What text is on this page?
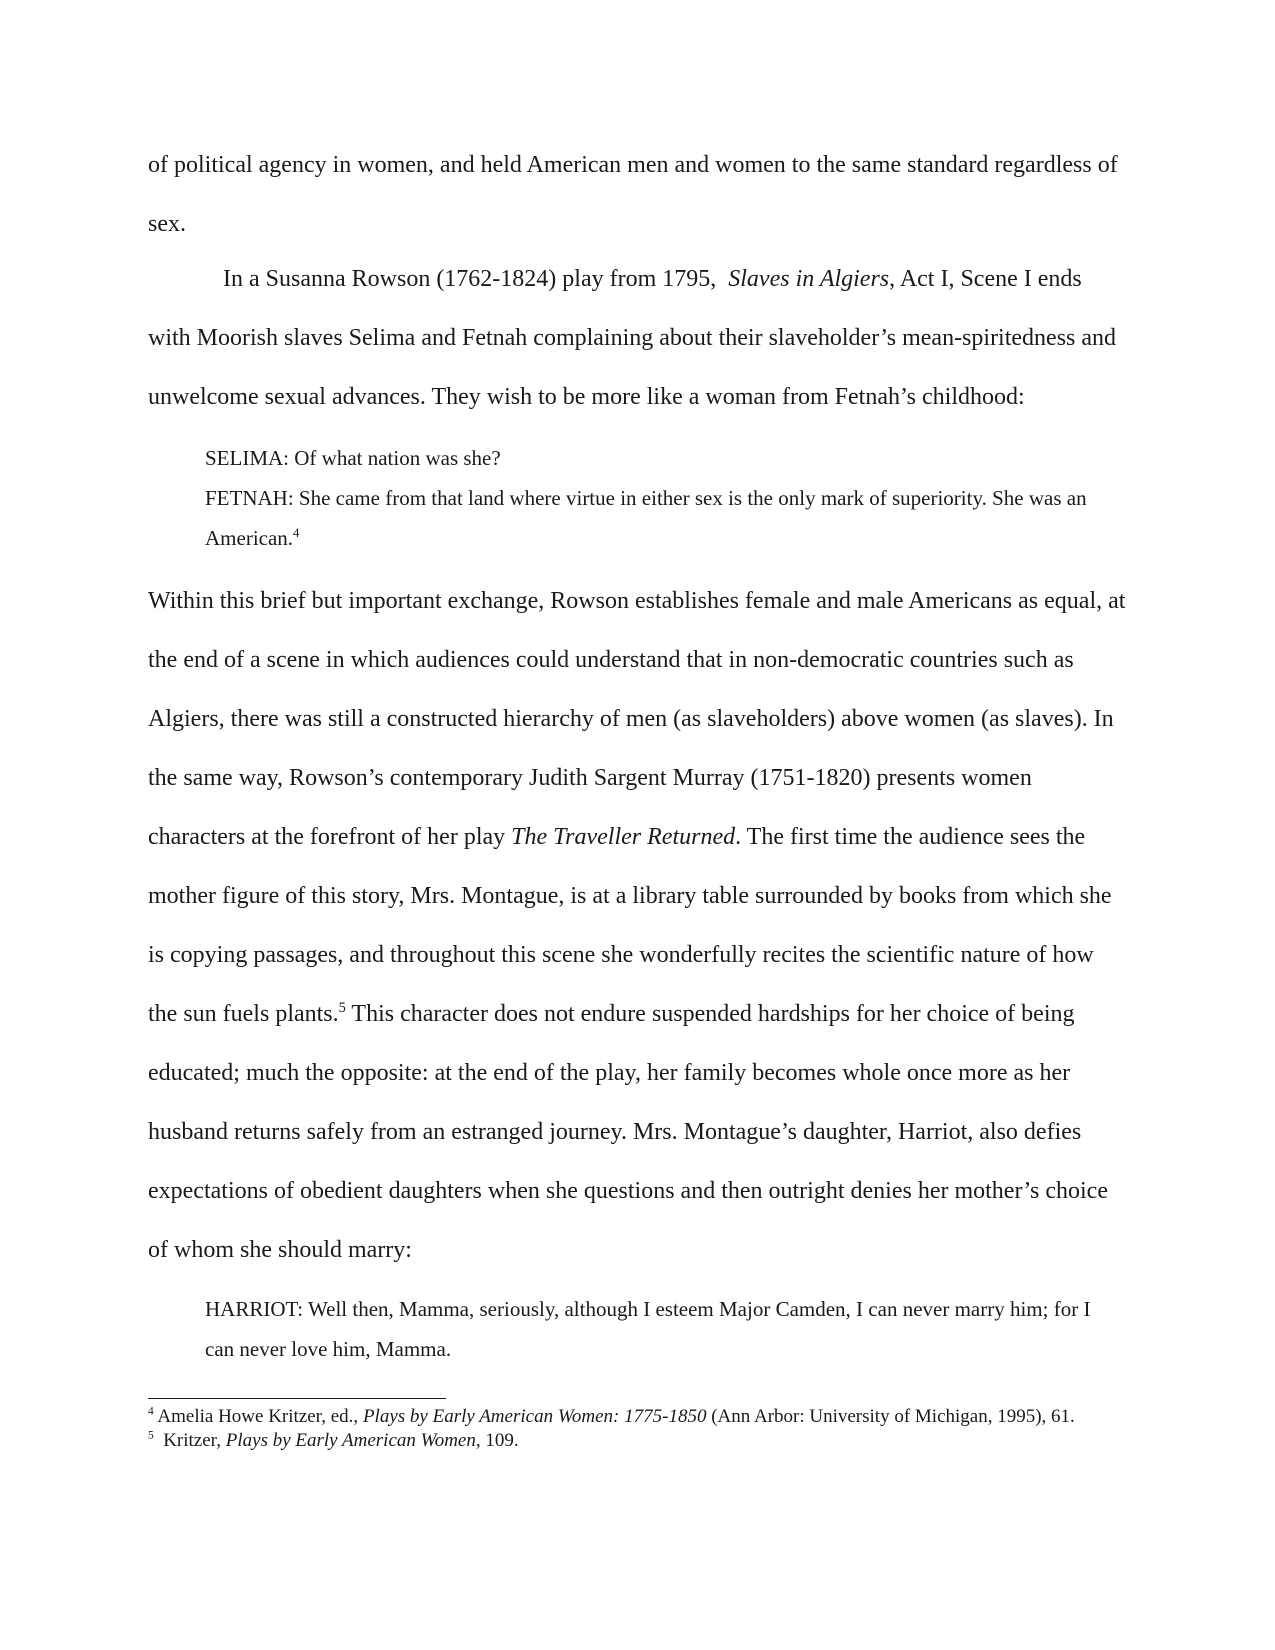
of political agency in women, and held American men and women to the same standard regardless of sex.

In a Susanna Rowson (1762-1824) play from 1795, Slaves in Algiers, Act I, Scene I ends with Moorish slaves Selima and Fetnah complaining about their slaveholder’s mean-spiritedness and unwelcome sexual advances. They wish to be more like a woman from Fetnah’s childhood:

SELIMA: Of what nation was she?
FETNAH: She came from that land where virtue in either sex is the only mark of superiority. She was an American.$^4$

Within this brief but important exchange, Rowson establishes female and male Americans as equal, at the end of a scene in which audiences could understand that in non-democratic countries such as Algiers, there was still a constructed hierarchy of men (as slaveholders) above women (as slaves). In the same way, Rowson’s contemporary Judith Sargent Murray (1751-1820) presents women characters at the forefront of her play The Traveller Returned. The first time the audience sees the mother figure of this story, Mrs. Montague, is at a library table surrounded by books from which she is copying passages, and throughout this scene she wonderfully recites the scientific nature of how the sun fuels plants.$^5$ This character does not endure suspended hardships for her choice of being educated; much the opposite: at the end of the play, her family becomes whole once more as her husband returns safely from an estranged journey. Mrs. Montague’s daughter, Harriot, also defies expectations of obedient daughters when she questions and then outright denies her mother’s choice of whom she should marry:

HARRIOT: Well then, Mamma, seriously, although I esteem Major Camden, I can never marry him; for I can never love him, Mamma.
$^4$ Amelia Howe Kritzer, ed., Plays by Early American Women: 1775-1850 (Ann Arbor: University of Michigan, 1995), 61.
$^5$ Kritzer, Plays by Early American Women, 109.
